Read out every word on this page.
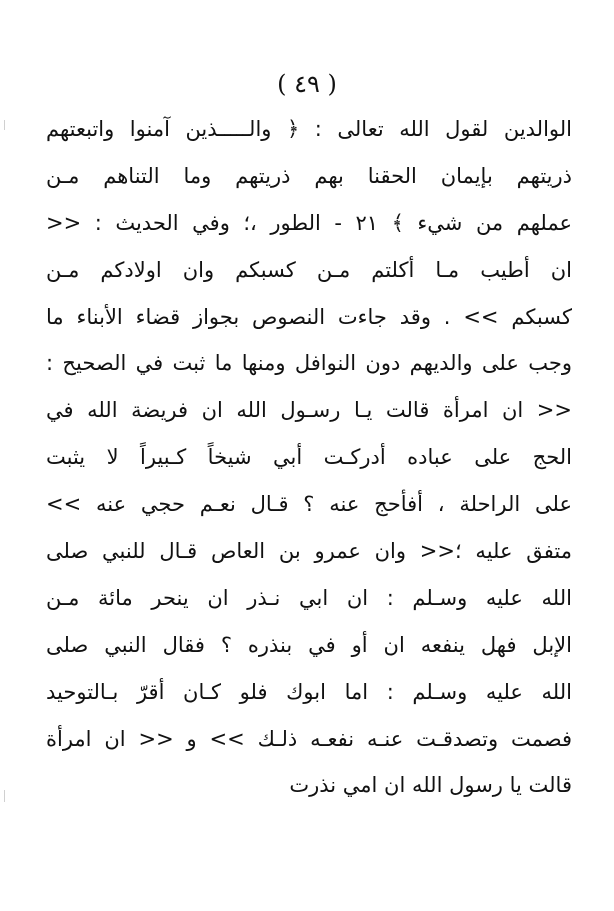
( ٤٩ )
الوالدين لقول الله تعالى : ﴿ والـــــذين آمنوا واتبعتهم
ذريتهم بإيمان الحقنا بهم ذريتهم وما التناهم مـن
عملهم من شيء ﴾ ٢١ - الطور ،؛ وفي الحديث : <<
ان أطيب مـا أكلتم مـن كسبكم وان اولادكم مـن
كسبكم >> . وقد جاءت النصوص بجواز قضاء الأبناء ما
وجب على والديهم دون النوافل ومنها ما ثبت في الصحيح :
<< ان امرأة قالت يـا رسـول الله ان فريضة الله في
الحج على عباده أدركـت أبي شيخاً كـبيراً لا يثبت
على الراحلة ، أفأحج عنه ؟ قـال نعـم حجي عنه >>
متفق عليه ؛<< وان عمرو بن العاص قـال للنبي صلى
الله عليه وسـلم : ان ابي نـذر ان ينحر مائة مـن
الإبل فهل ينفعه ان أو في بنذره ؟ فقال النبي صلى
الله عليه وسـلم : اما ابوك فلو كـان أقرّ بـالتوحيد
فصمت وتصدقـت عنـه نفعـه ذلـك >> و << ان امرأة
قالت يا رسول الله ان امي نذرت
